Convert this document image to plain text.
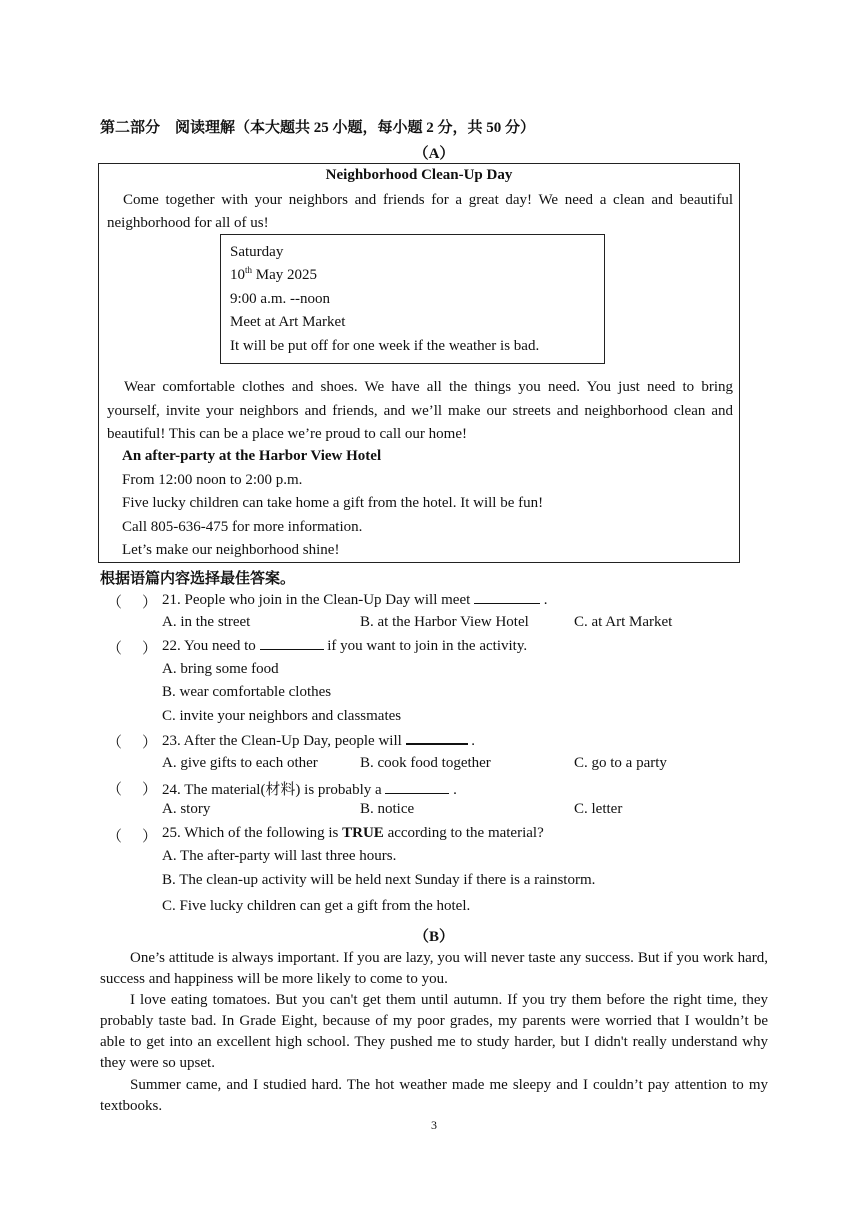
第二部分　阅读理解（本大题共 25 小题，每小题 2 分，共 50 分）
（A）
Neighborhood Clean-Up Day
Come together with your neighbors and friends for a great day! We need a clean and beautiful neighborhood for all of us!
Saturday
10th May 2025
9:00 a.m. --noon
Meet at Art Market
It will be put off for one week if the weather is bad.
Wear comfortable clothes and shoes. We have all the things you need. You just need to bring yourself, invite your neighbors and friends, and we’ll make our streets and neighborhood clean and beautiful! This can be a place we’re proud to call our home!
An after-party at the Harbor View Hotel
From 12:00 noon to 2:00 p.m.
Five lucky children can take home a gift from the hotel. It will be fun!
Call 805-636-475 for more information.
Let’s make our neighborhood shine!
根据语篇内容选择最佳答案。
（ ） 21. People who join in the Clean-Up Day will meet	.
A. in the street	B. at the Harbor View Hotel	C. at Art Market
（ ） 22. You need to	if you want to join in the activity.
A. bring some food
B. wear comfortable clothes
C. invite your neighbors and classmates
（ ） 23. After the Clean-Up Day, people will	.
A. give gifts to each other	B. cook food together	C. go to a party
（ ） 24. The material(材料) is probably a	.
A. story	B. notice	C. letter
（ ） 25. Which of the following is TRUE according to the material?
A. The after-party will last three hours.
B. The clean-up activity will be held next Sunday if there is a rainstorm.
C. Five lucky children can get a gift from the hotel.
（B）
One’s attitude is always important. If you are lazy, you will never taste any success. But if you work hard, success and happiness will be more likely to come to you.
I love eating tomatoes. But you can't get them until autumn. If you try them before the right time, they probably taste bad. In Grade Eight, because of my poor grades, my parents were worried that I wouldn’t be able to get into an excellent high school. They pushed me to study harder, but I didn't really understand why they were so upset.
Summer came, and I studied hard. The hot weather made me sleepy and I couldn’t pay attention to my textbooks.
3
